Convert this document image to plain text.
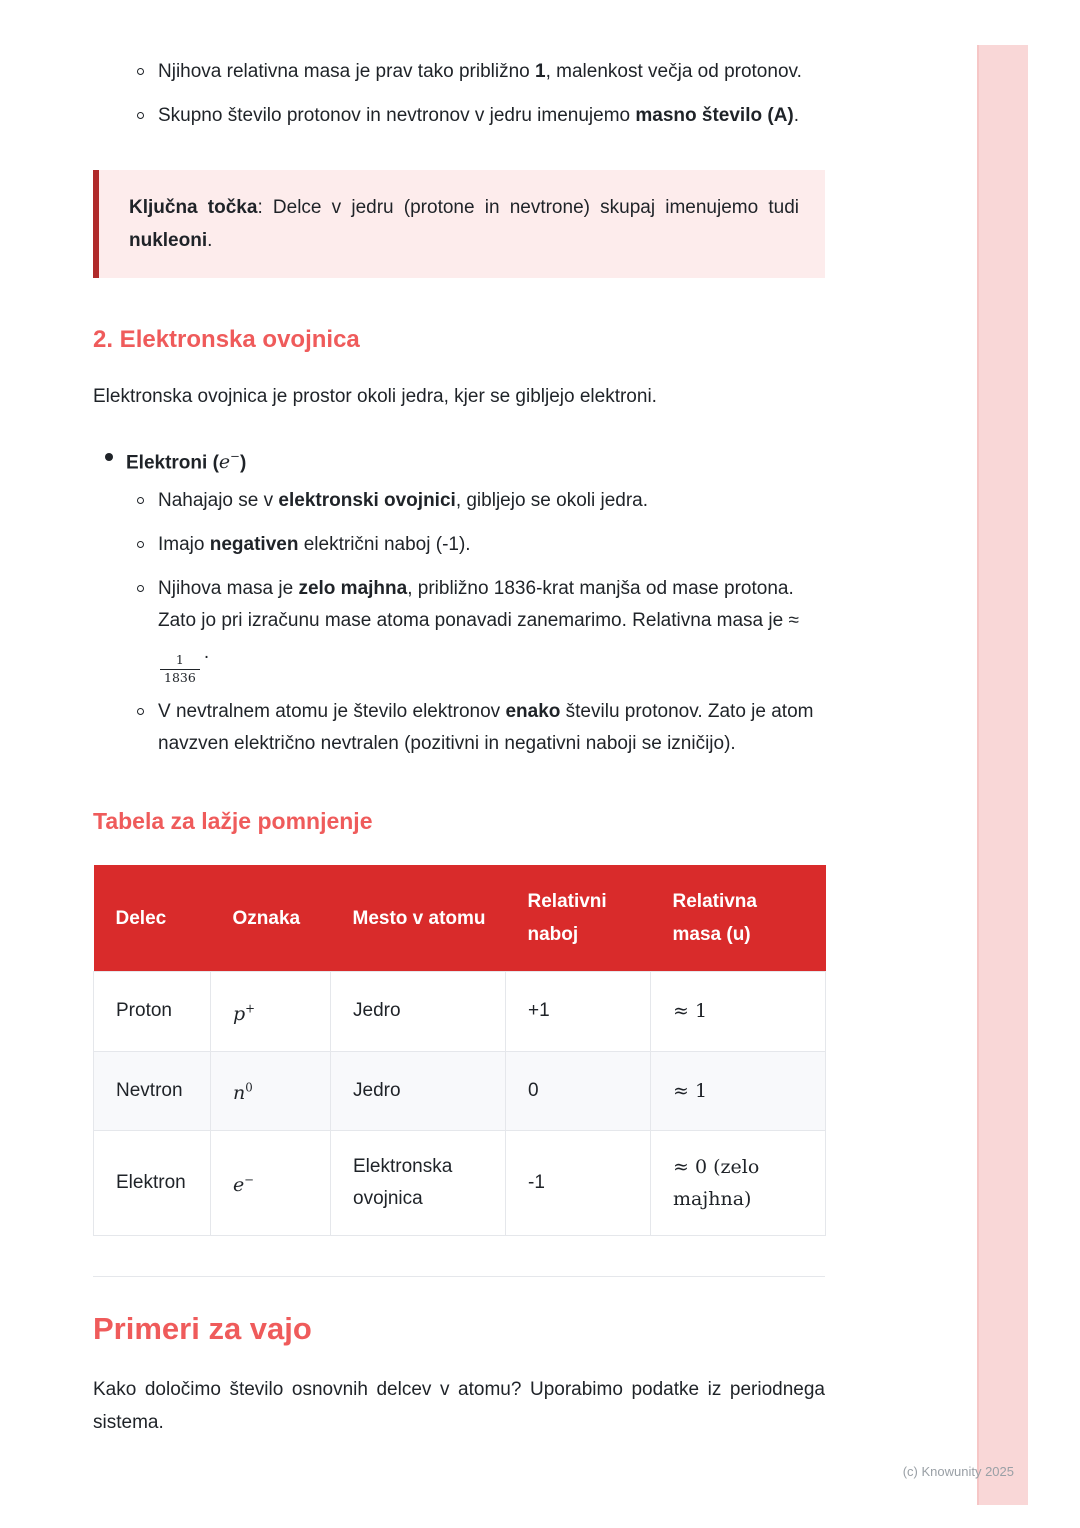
(c) Knowunity 2025
Njihova relativna masa je prav tako približno 1, malenkost večja od protonov.
Skupno število protonov in nevtronov v jedru imenujemo masno število (A).

Ključna točka: Delce v jedru (protone in nevtrone) skupaj imenujemo tudi nukleoni.

2. Elektronska ovojnica

Elektronska ovojnica je prostor okoli jedra, kjer se gibljejo elektroni.

Elektroni (e−)
Nahajajo se v elektronski ovojnici, gibljejo se okoli jedra.
Imajo negativen električni naboj (-1).
Njihova masa je zelo majhna, približno 1836-krat manjša od mase protona. Zato jo pri izračunu mase atoma ponavadi zanemarimo. Relativna masa je ≈
$\frac{1}{1836}$
.
V nevtralnem atomu je število elektronov enako številu protonov. Zato je atom navzven električno nevtralen (pozitivni in negativni naboji se izničijo).
Tabela za lažje pomnjenje
Delec	Oznaka	Mesto v atomu	Relativni naboj	Relativna masa (u)
Proton	p+	Jedro	+1	≈ 1
Nevtron	$n^0$	Jedro	0	≈ 1
Elektron	e−	Elektronska ovojnica	-1	≈ 0 (zelo majhna)
Primeri za vajo

Kako določimo število osnovnih delcev v atomu? Uporabimo podatke iz periodnega sistema.
